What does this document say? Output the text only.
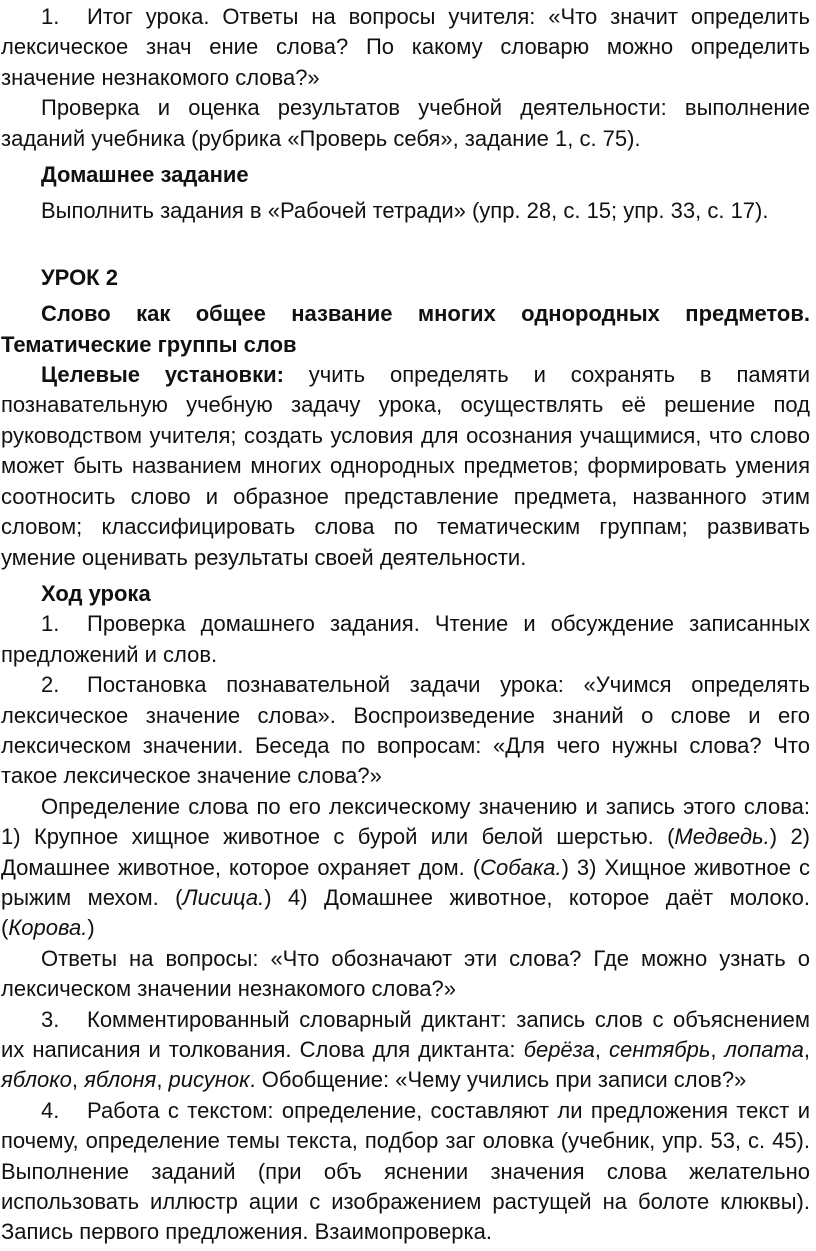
1. Итог урока. Ответы на вопросы учителя: «Что значит определить лексическое знач ение слова? По какому словарю можно определить значение незнакомого слова?»

Проверка и оценка результатов учебной деятельности: выполнение заданий учебника (рубрика «Проверь себя», задание 1, с. 75).

Домашнее задание

Выполнить задания в «Рабочей тетради» (упр. 28, с. 15; упр. 33, с. 17).

УРОК 2

Слово как общее название многих однородных предметов. Тематические группы слов

Целевые установки: учить определять и сохранять в памяти познавательную учебную задачу урока, осуществлять её решение под руководством учителя; создать условия для осознания учащимися, что слово может быть названием многих однородных предметов; формировать умения соотносить слово и образное представление предмета, названного этим словом; классифицировать слова по тематическим группам; развивать умение оценивать результаты своей деятельности.

Ход урока

1. Проверка домашнего задания. Чтение и обсуждение записанных предложений и слов.

2. Постановка познавательной задачи урока: «Учимся определять лексическое значение слова». Воспроизведение знаний о слове и его лексическом значении. Беседа по вопросам: «Для чего нужны слова? Что такое лексическое значение слова?»

Определение слова по его лексическому значению и запись этого слова: 1) Крупное хищное животное с бурой или белой шерстью. (Медведь.) 2) Домашнее животное, которое охраняет дом. (Собака.) 3) Хищное животное с рыжим мехом. (Лисица.) 4) Домашнее животное, которое даёт молоко. (Корова.)

Ответы на вопросы: «Что обозначают эти слова? Где можно узнать о лексическом значении незнакомого слова?»

3. Комментированный словарный диктант: запись слов с объяснением их написания и толкования. Слова для диктанта: берёза, сентябрь, лопата, яблоко, яблоня, рисунок. Обобщение: «Чему учились при записи слов?»

4. Работа с текстом: определение, составляют ли предложения текст и почему, определение темы текста, подбор заг оловка (учебник, упр. 53, с. 45). Выполнение заданий (при объ яснении значения слова желательно использовать иллюстр ации с изображением растущей на болоте клюквы). Запись первого предложения. Взаимопроверка.
